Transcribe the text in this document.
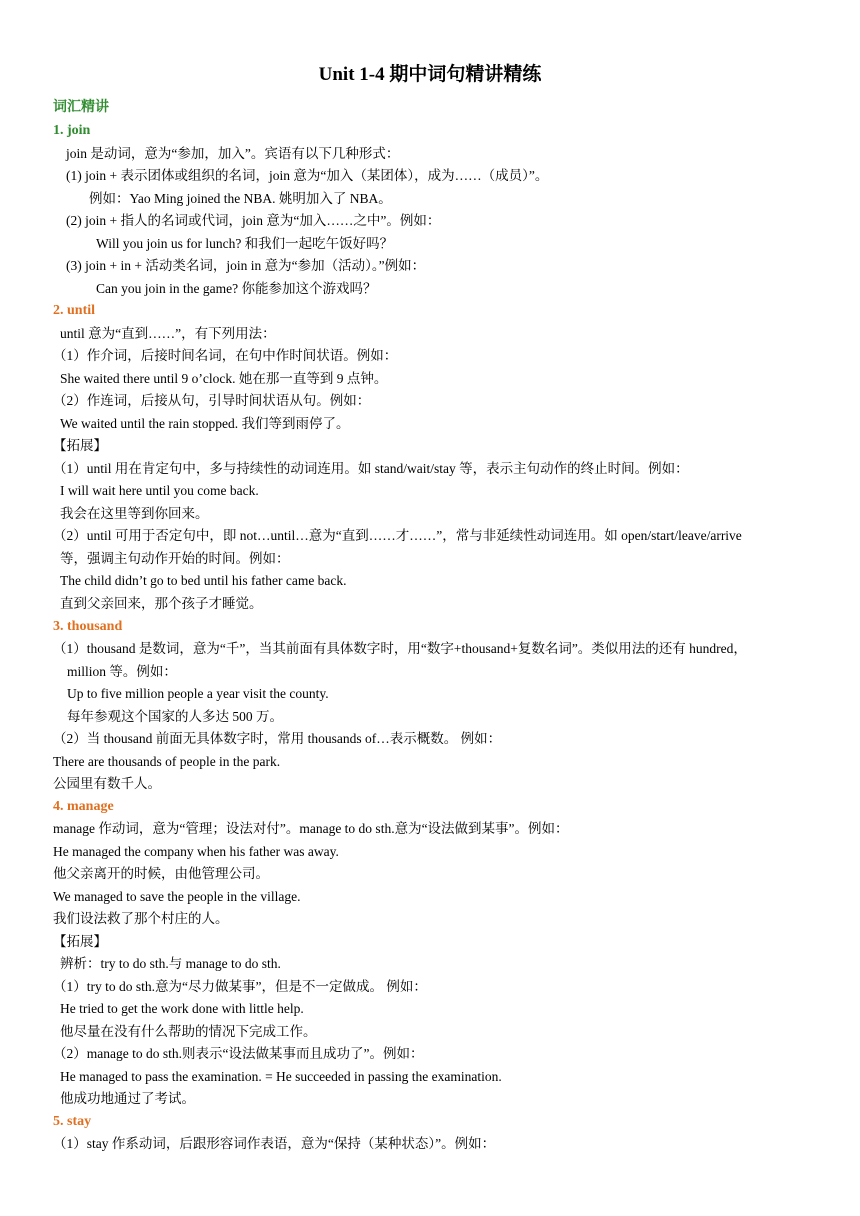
Unit 1-4 期中词句精讲精练
词汇精讲
1. join
join 是动词，意为“参加，加入”。宾语有以下几种形式：
(1) join + 表示团体或组织的名词，join 意为“加入（某团体），成为……（成员）”。
例如：Yao Ming joined the NBA. 姚明加入了 NBA。
(2) join + 指人的名词或代词，join 意为“加入……之中”。例如：
Will you join us for lunch? 和我们一起吃午饭好吗？
(3) join + in + 活动类名词，join in 意为“参加（活动）。”例如：
Can you join in the game? 你能参加这个游戏吗？
2. until
until 意为“直到……”，有下列用法：
（1）作介词，后接时间名词，在句中作时间状语。例如：
She waited there until 9 o’clock. 她在那一直等到 9 点钟。
（2）作连词，后接从句，引导时间状语从句。例如：
We waited until the rain stopped. 我们等到雨停了。
【拓展】
（1）until 用在肯定句中，多与持续性的动词连用。如 stand/wait/stay 等，表示主句动作的终止时间。例如：
I will wait here until you come back.
我会在这里等到你回来。
（2）until 可用于否定句中，即 not…until…意为“直到……才……”，常与非延续性动词连用。如 open/start/leave/arrive
等，强调主句动作开始的时间。例如：
The child didn’t go to bed until his father came back.
直到父亲回来，那个孩子才睡觉。
3. thousand
（1）thousand 是数词，意为“千”，当其前面有具体数字时，用“数字+thousand+复数名词”。类似用法的还有 hundred，
million 等。例如：
Up to five million people a year visit the county.
每年参观这个国家的人多达 500 万。
（2）当 thousand 前面无具体数字时，常用 thousands of…表示概数。 例如：
There are thousands of people in the park.
公园里有数千人。
4. manage
manage 作动词，意为“管理；设法对付”。manage to do sth.意为“设法做到某事”。例如：
He managed the company when his father was away.
他父亲离开的时候，由他管理公司。
We managed to save the people in the village.
我们设法救了那个村庄的人。
【拓展】
辨析：try to do sth.与 manage to do sth.
（1）try to do sth.意为“尽力做某事”，但是不一定做成。 例如：
He tried to get the work done with little help.
他尽量在没有什么帮助的情况下完成工作。
（2）manage to do sth.则表示“设法做某事而且成功了”。例如：
He managed to pass the examination. = He succeeded in passing the examination.
他成功地通过了考试。
5. stay
（1）stay 作系动词，后跟形容词作表语，意为“保持（某种状态）”。例如：
